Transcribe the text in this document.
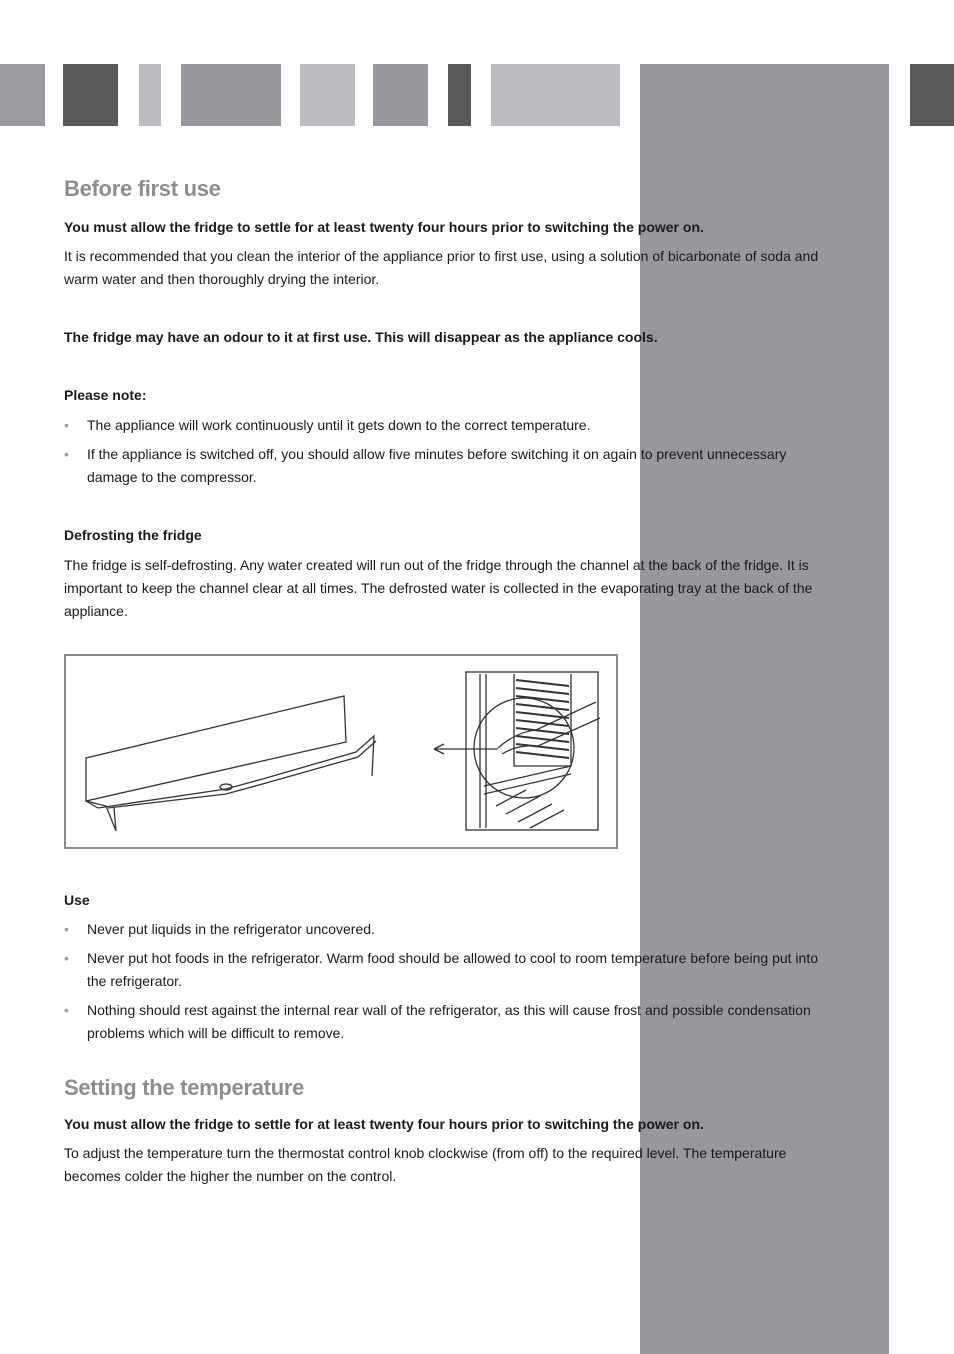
Before first use

You must allow the fridge to settle for at least twenty four hours prior to switching the power on.

It is recommended that you clean the interior of the appliance prior to first use, using a solution of bicarbonate of soda and warm water and then thoroughly drying the interior.

The fridge may have an odour to it at first use. This will disappear as the appliance cools.

Please note:

• The appliance will work continuously until it gets down to the correct temperature.
• If the appliance is switched off, you should allow five minutes before switching it on again to prevent unnecessary damage to the compressor.

Defrosting the fridge

The fridge is self-defrosting. Any water created will run out of the fridge through the channel at the back of the fridge. It is important to keep the channel clear at all times. The defrosted water is collected in the evaporating tray at the back of the appliance.

Use

• Never put liquids in the refrigerator uncovered.
• Never put hot foods in the refrigerator. Warm food should be allowed to cool to room temperature before being put into the refrigerator.
• Nothing should rest against the internal rear wall of the refrigerator, as this will cause frost and possible condensation problems which will be difficult to remove.
Setting the temperature

You must allow the fridge to settle for at least twenty four hours prior to switching the power on.

To adjust the temperature turn the thermostat control knob clockwise (from off) to the required level. The temperature becomes colder the higher the number on the control.
